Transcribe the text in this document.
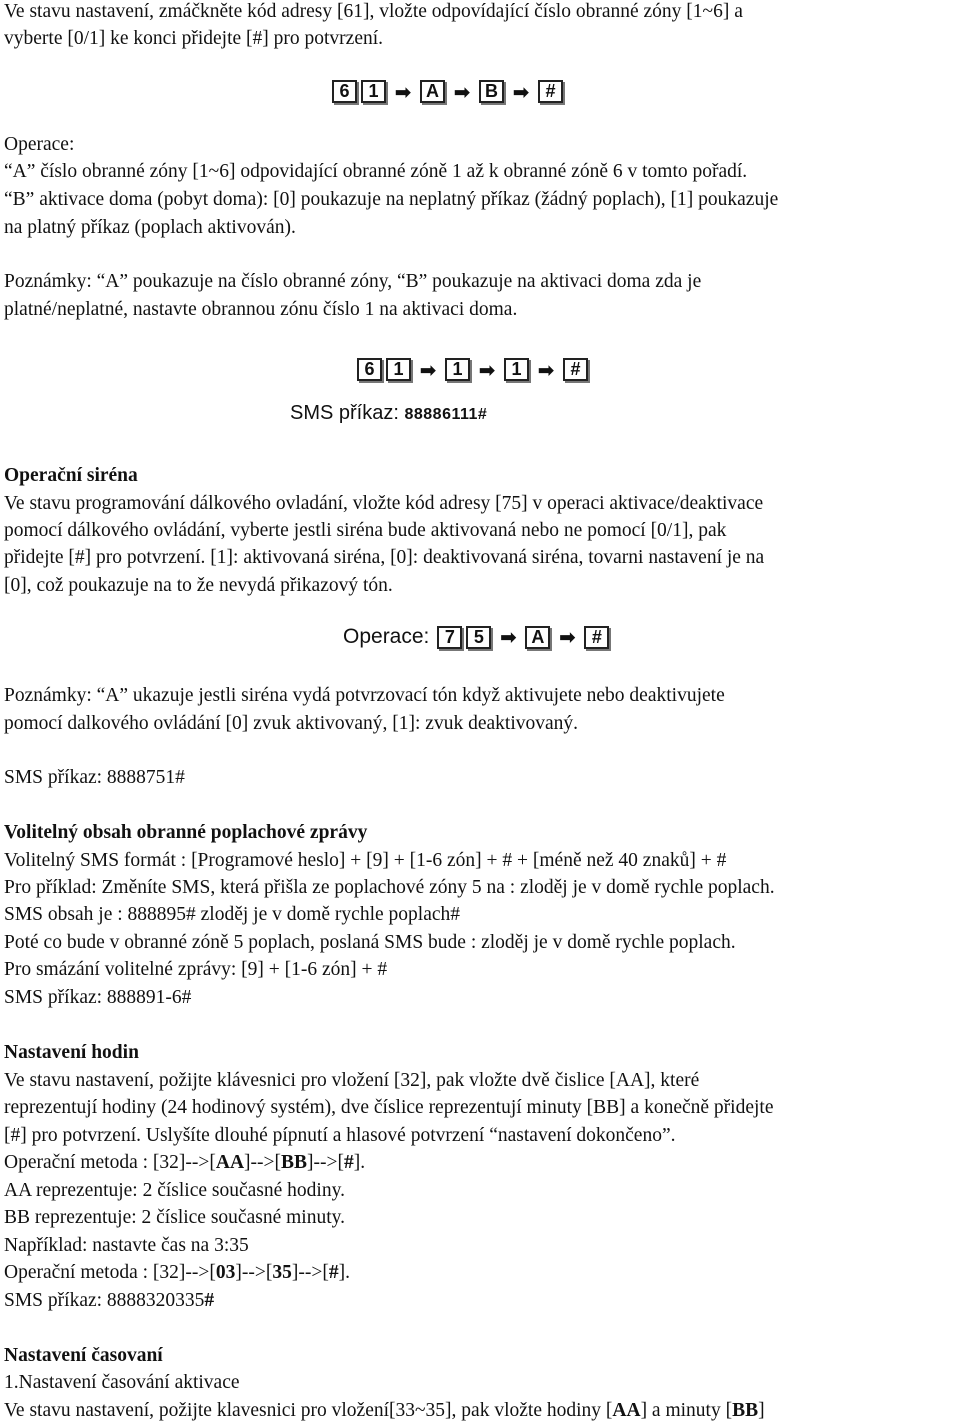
Ve stavu nastavení, zmáčkněte kód adresy [61], vložte odpovídající číslo obranné zóny [1~6] a
vyberte [0/1] ke konci přidejte [#] pro potvrzení.
6	1 ➡ A ➡ B ➡ #
Operace:
“A” číslo obranné zóny [1~6] odpovidající obranné zóně 1 až k obranné zóně 6 v tomto pořadí.
“B” aktivace doma (pobyt doma): [0] poukazuje na neplatný příkaz (žádný poplach), [1] poukazuje
na platný příkaz (poplach aktivován).
Poznámky: “A” poukazuje na číslo obranné zóny, “B” poukazuje na aktivaci doma zda je
platné/neplatné, nastavte obrannou zónu číslo 1 na aktivaci doma.
6	1 ➡ 1 ➡ 1 ➡ #
SMS příkaz: 88886111#
Operační siréna
Ve stavu programování dálkového ovladání, vložte kód adresy [75] v operaci aktivace/deaktivace
pomocí dálkového ovládání, vyberte jestli siréna bude aktivovaná nebo ne pomocí [0/1], pak
přidejte [#] pro potvrzení. [1]: aktivovaná siréna, [0]: deaktivovaná siréna, tovarni nastavení je na
[0], což poukazuje na to že nevydá přikazový tón.
Operace: 7	5 ➡ A ➡ #
Poznámky: “A” ukazuje jestli siréna vydá potvrzovací tón když aktivujete nebo deaktivujete
pomocí dalkového ovládání [0] zvuk aktivovaný, [1]: zvuk deaktivovaný.
SMS příkaz: 8888751#
Volitelný obsah obranné poplachové zprávy
Volitelný SMS formát : [Programové heslo] + [9] + [1-6 zón] + # + [méně než 40 znaků] + #
Pro příklad: Změníte SMS, která přišla ze poplachové zóny 5 na : zloděj je v domě rychle poplach.
SMS obsah je : 888895# zloděj je v domě rychle poplach#
Poté co bude v obranné zóně 5 poplach, poslaná SMS bude : zloděj je v domě rychle poplach.
Pro smázání volitelné zprávy: [9] + [1-6 zón] + #
SMS příkaz: 888891-6#
Nastavení hodin
Ve stavu nastavení, požijte klávesnici pro vložení [32], pak vložte dvě čislice [AA], které
reprezentují hodiny (24 hodinový systém), dve číslice reprezentují minuty [BB] a konečně přidejte
[#] pro potvrzení. Uslyšíte dlouhé pípnutí a hlasové potvrzení “nastavení dokončeno”.
Operační metoda : [32]-->[AA]-->[BB]-->[#].
AA reprezentuje: 2 číslice současné hodiny.
BB reprezentuje: 2 číslice současné minuty.
Například: nastavte čas na 3:35
Operační metoda : [32]-->[03]-->[35]-->[#].
SMS příkaz: 8888320335#
Nastavení časovaní
1.Nastavení časování aktivace
Ve stavu nastavení, požijte klavesnici pro vložení[33~35], pak vložte hodiny [AA] a minuty [BB]
